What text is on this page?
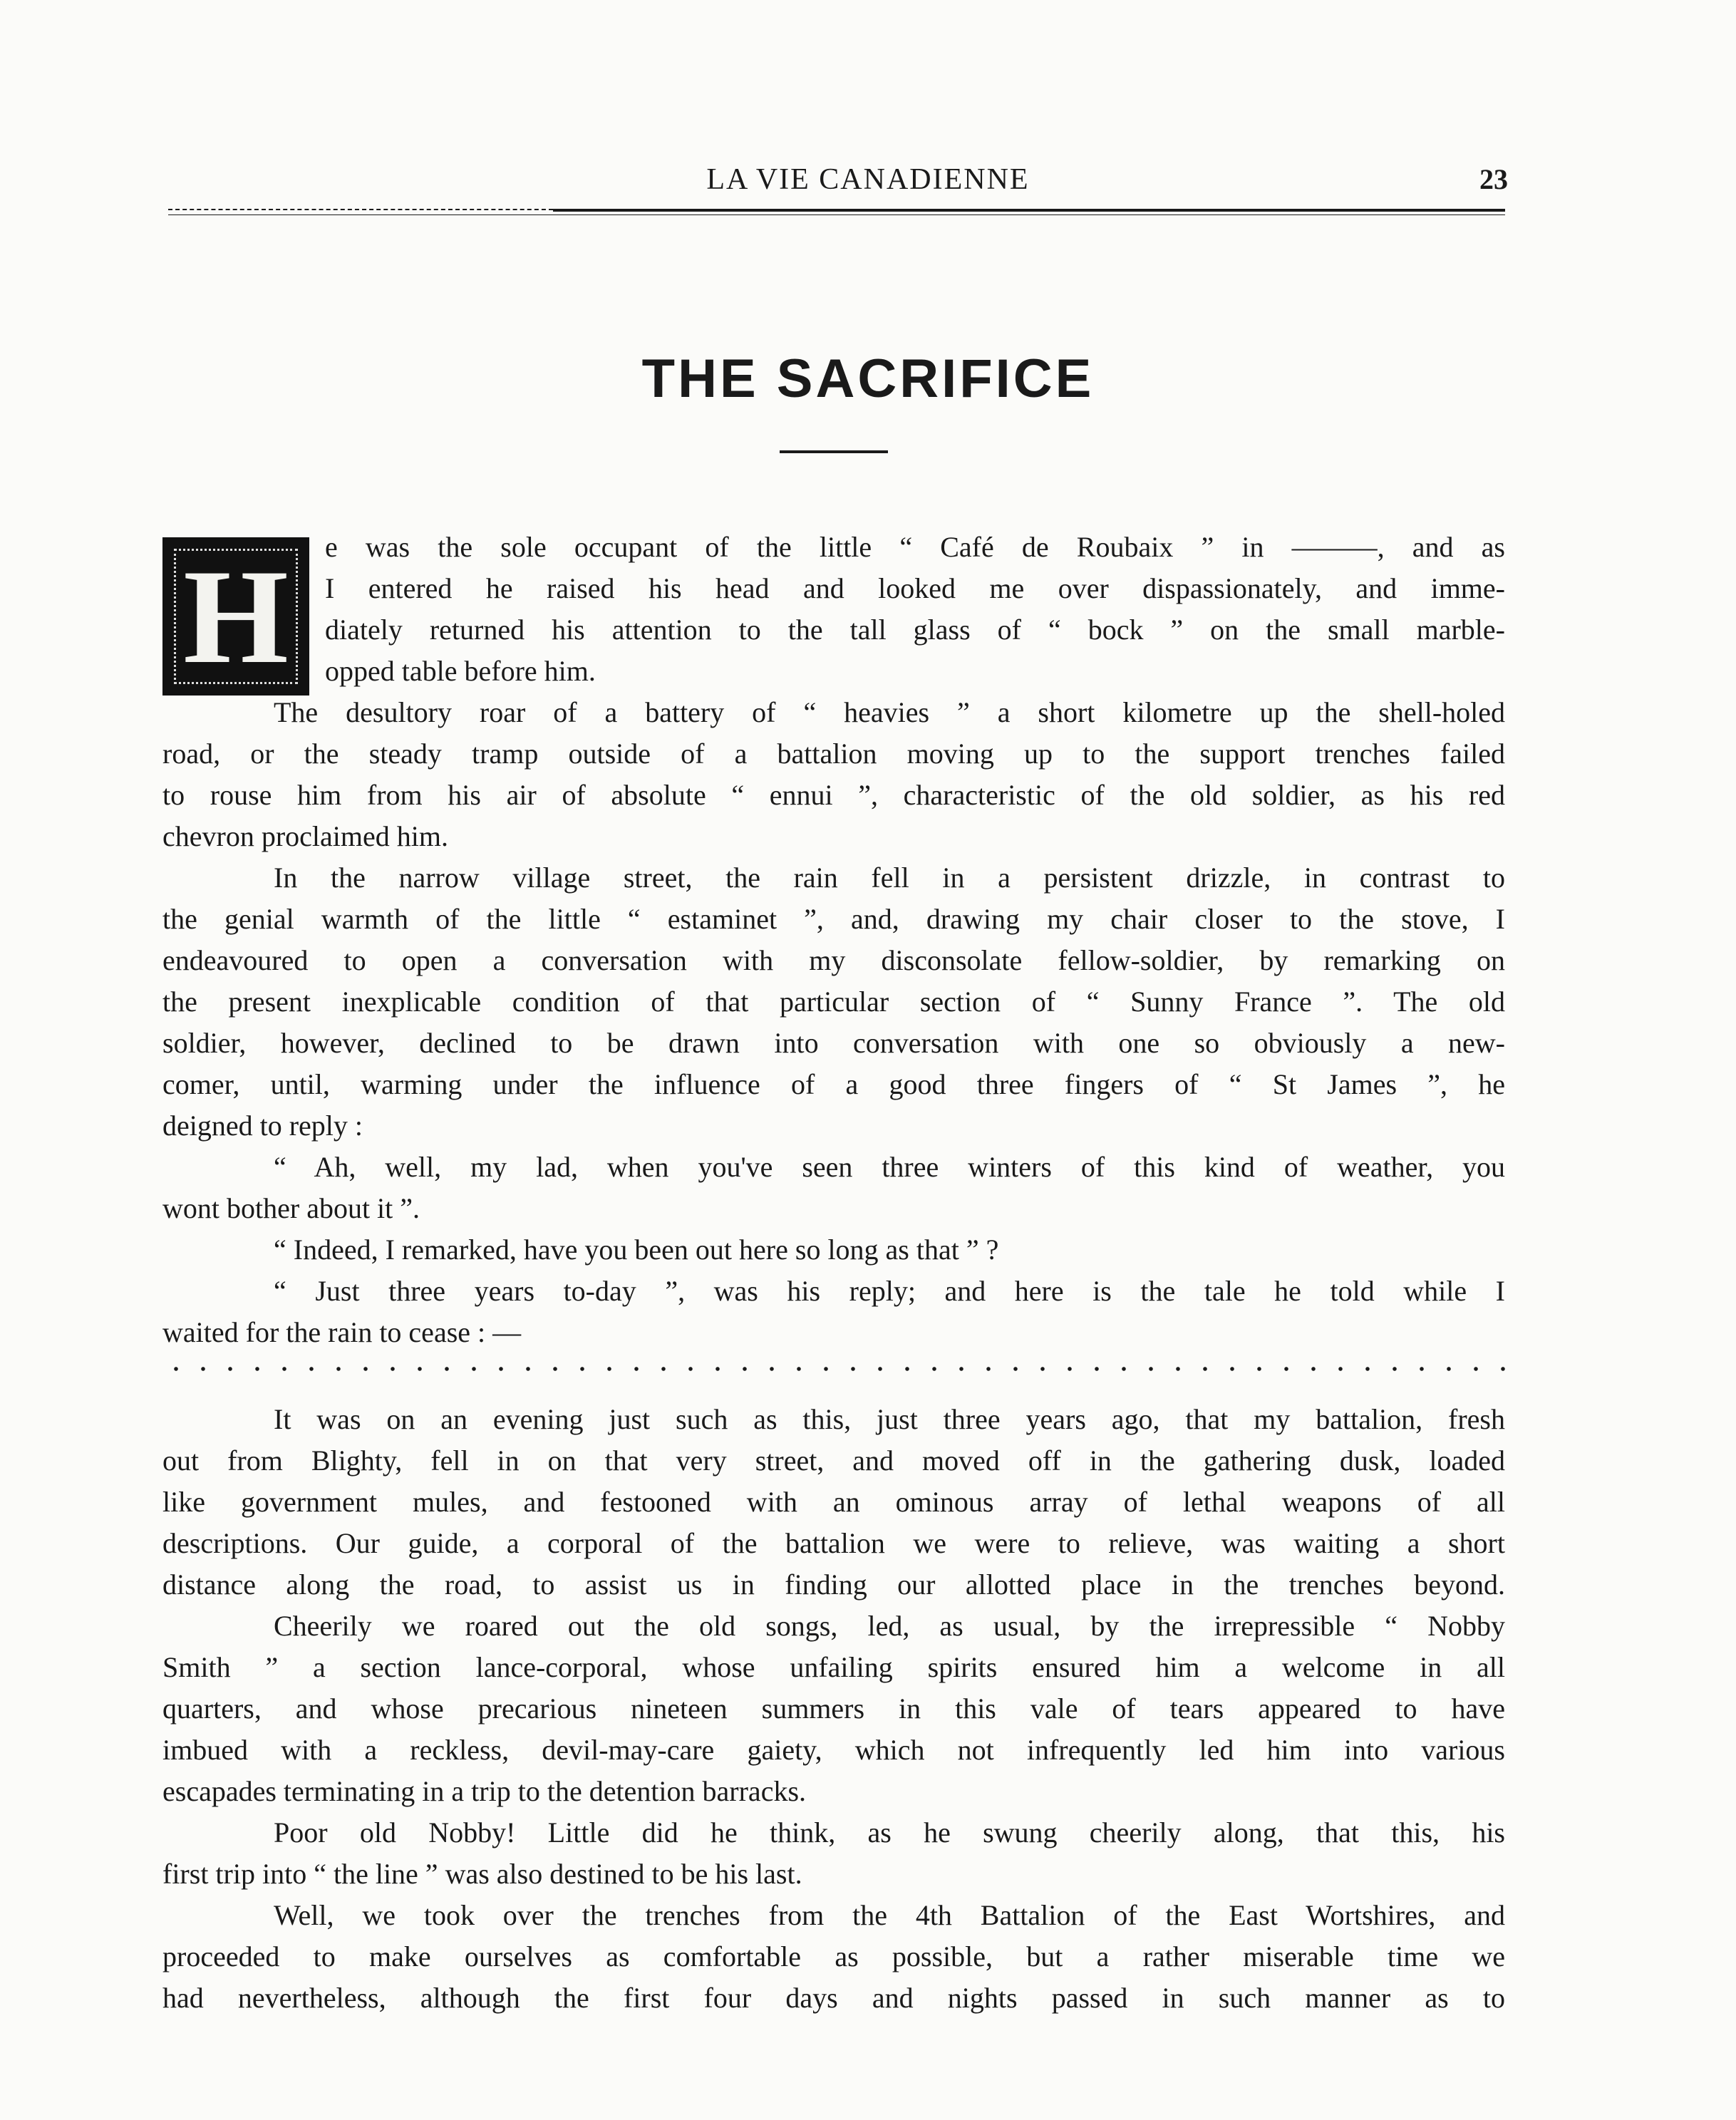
LA VIE CANADIENNE	23
THE SACRIFICE
H	e was the sole occupant of the little “ Café de Roubaix ” in ———, and as
I entered he raised his head and looked me over dispassionately, and imme-
diately returned his attention to the tall glass of “ bock ” on the small marble-
opped table before him.
The desultory roar of a battery of “ heavies ” a short kilometre up the shell-holed
road, or the steady tramp outside of a battalion moving up to the support trenches failed
to rouse him from his air of absolute “ ennui ”, characteristic of the old soldier, as his red
chevron proclaimed him.
In the narrow village street, the rain fell in a persistent drizzle, in contrast to
the genial warmth of the little “ estaminet ”, and, drawing my chair closer to the stove, I
endeavoured to open a conversation with my disconsolate fellow-soldier, by remarking on
the present inexplicable condition of that particular section of “ Sunny France ”. The old
soldier, however, declined to be drawn into conversation with one so obviously a new-
comer, until, warming under the influence of a good three fingers of “ St James ”, he
deigned to reply :
“ Ah, well, my lad, when you've seen three winters of this kind of weather, you
wont bother about it ”.
“ Indeed, I remarked, have you been out here so long as that ” ?
“ Just three years to-day ”, was his reply; and here is the tale he told while I
waited for the rain to cease : —
It was on an evening just such as this, just three years ago, that my battalion, fresh
out from Blighty, fell in on that very street, and moved off in the gathering dusk, loaded
like government mules, and festooned with an ominous array of lethal weapons of all
descriptions. Our guide, a corporal of the battalion we were to relieve, was waiting a short
distance along the road, to assist us in finding our allotted place in the trenches beyond.
Cheerily we roared out the old songs, led, as usual, by the irrepressible “ Nobby
Smith ” a section lance-corporal, whose unfailing spirits ensured him a welcome in all
quarters, and whose precarious nineteen summers in this vale of tears appeared to have
imbued with a reckless, devil-may-care gaiety, which not infrequently led him into various
escapades terminating in a trip to the detention barracks.
Poor old Nobby! Little did he think, as he swung cheerily along, that this, his
first trip into “ the line ” was also destined to be his last.
Well, we took over the trenches from the 4th Battalion of the East Wortshires, and
proceeded to make ourselves as comfortable as possible, but a rather miserable time we
had nevertheless, although the first four days and nights passed in such manner as to
